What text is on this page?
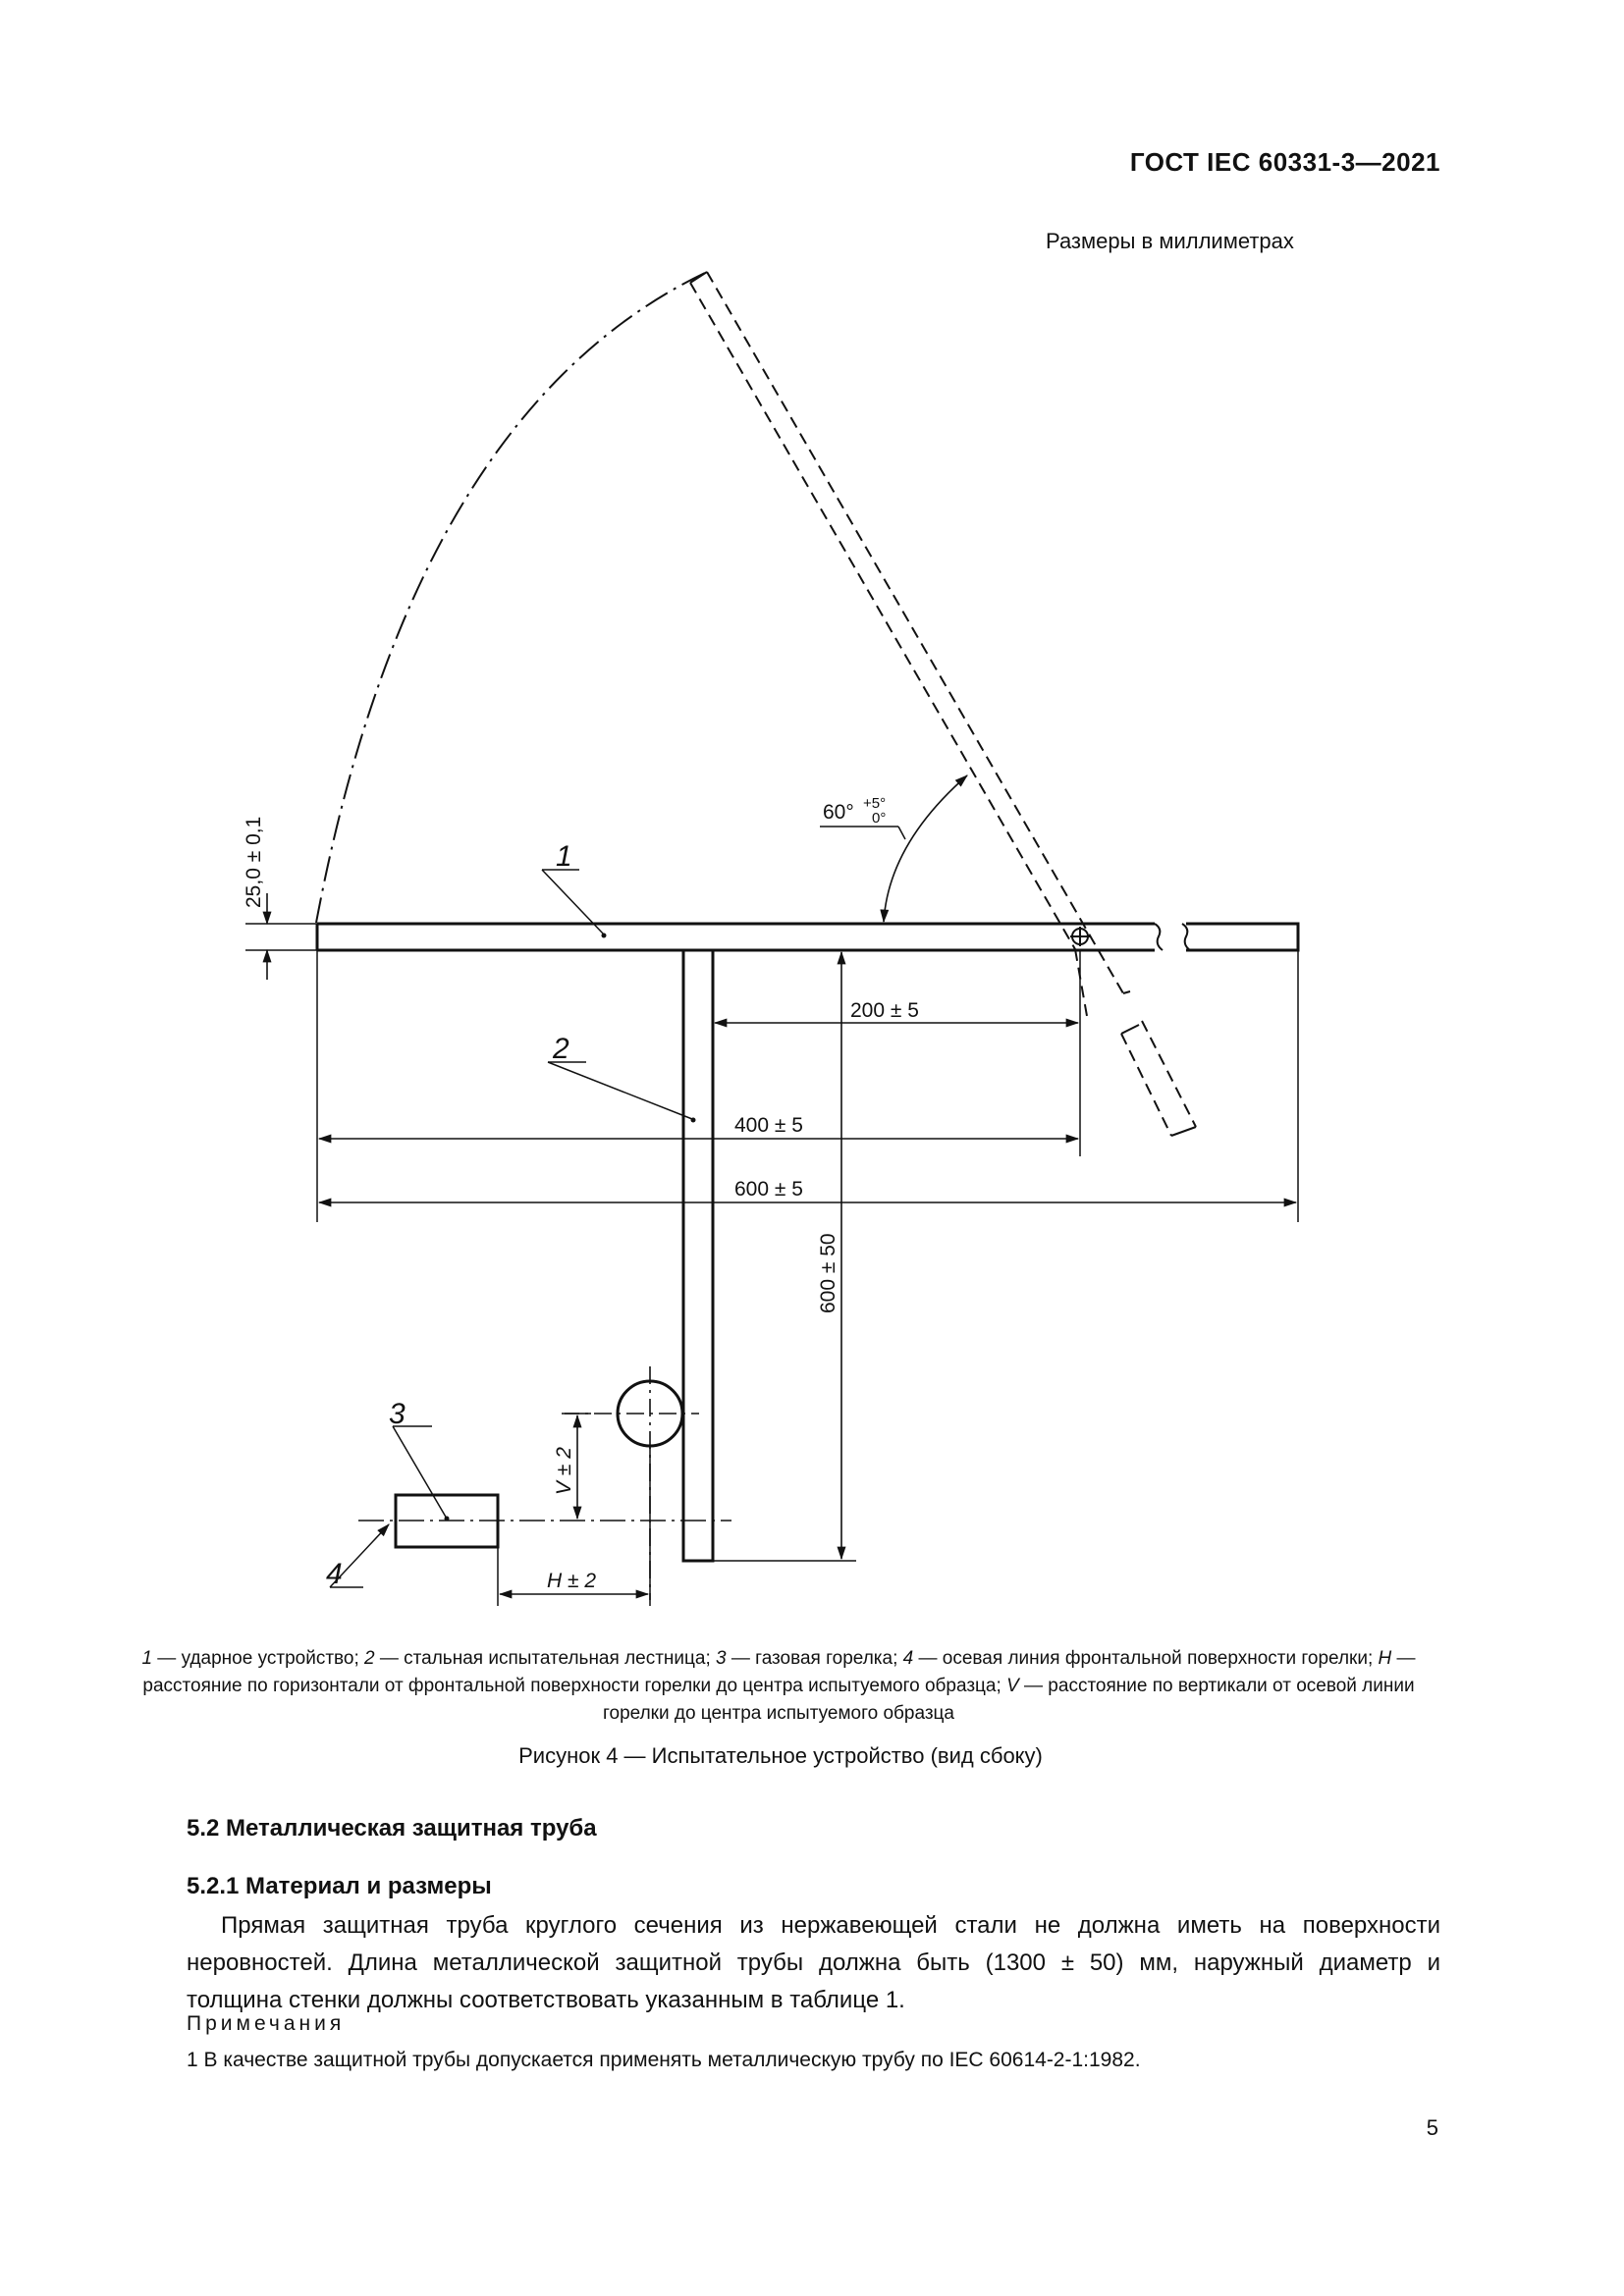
ГОСТ IEC 60331-3—2021
Размеры в миллиметрах
1
2
3
4
25,0 ± 0,1
60° +5°
0°
200 ± 5
400 ± 5
600 ± 5
600 ± 50
V ± 2
H ± 2
1 — ударное устройство; 2 — стальная испытательная лестница; 3 — газовая горелка; 4 — осевая линия фронтальной поверхности горелки; H — расстояние по горизонтали от фронтальной поверхности горелки до центра испытуемого образца; V — расстояние по вертикали от осевой линии горелки до центра испытуемого образца
Рисунок 4 — Испытательное устройство (вид сбоку)
5.2 Металлическая защитная труба
5.2.1 Материал и размеры
Прямая защитная труба круглого сечения из нержавеющей стали не должна иметь на поверхности
неровностей. Длина металлической защитной трубы должна быть (1300 ± 50) мм, наружный диаметр и
толщина стенки должны соответствовать указанным в таблице 1.
Примечания
1 В качестве защитной трубы допускается применять металлическую трубу по IEC 60614-2-1:1982.
5
